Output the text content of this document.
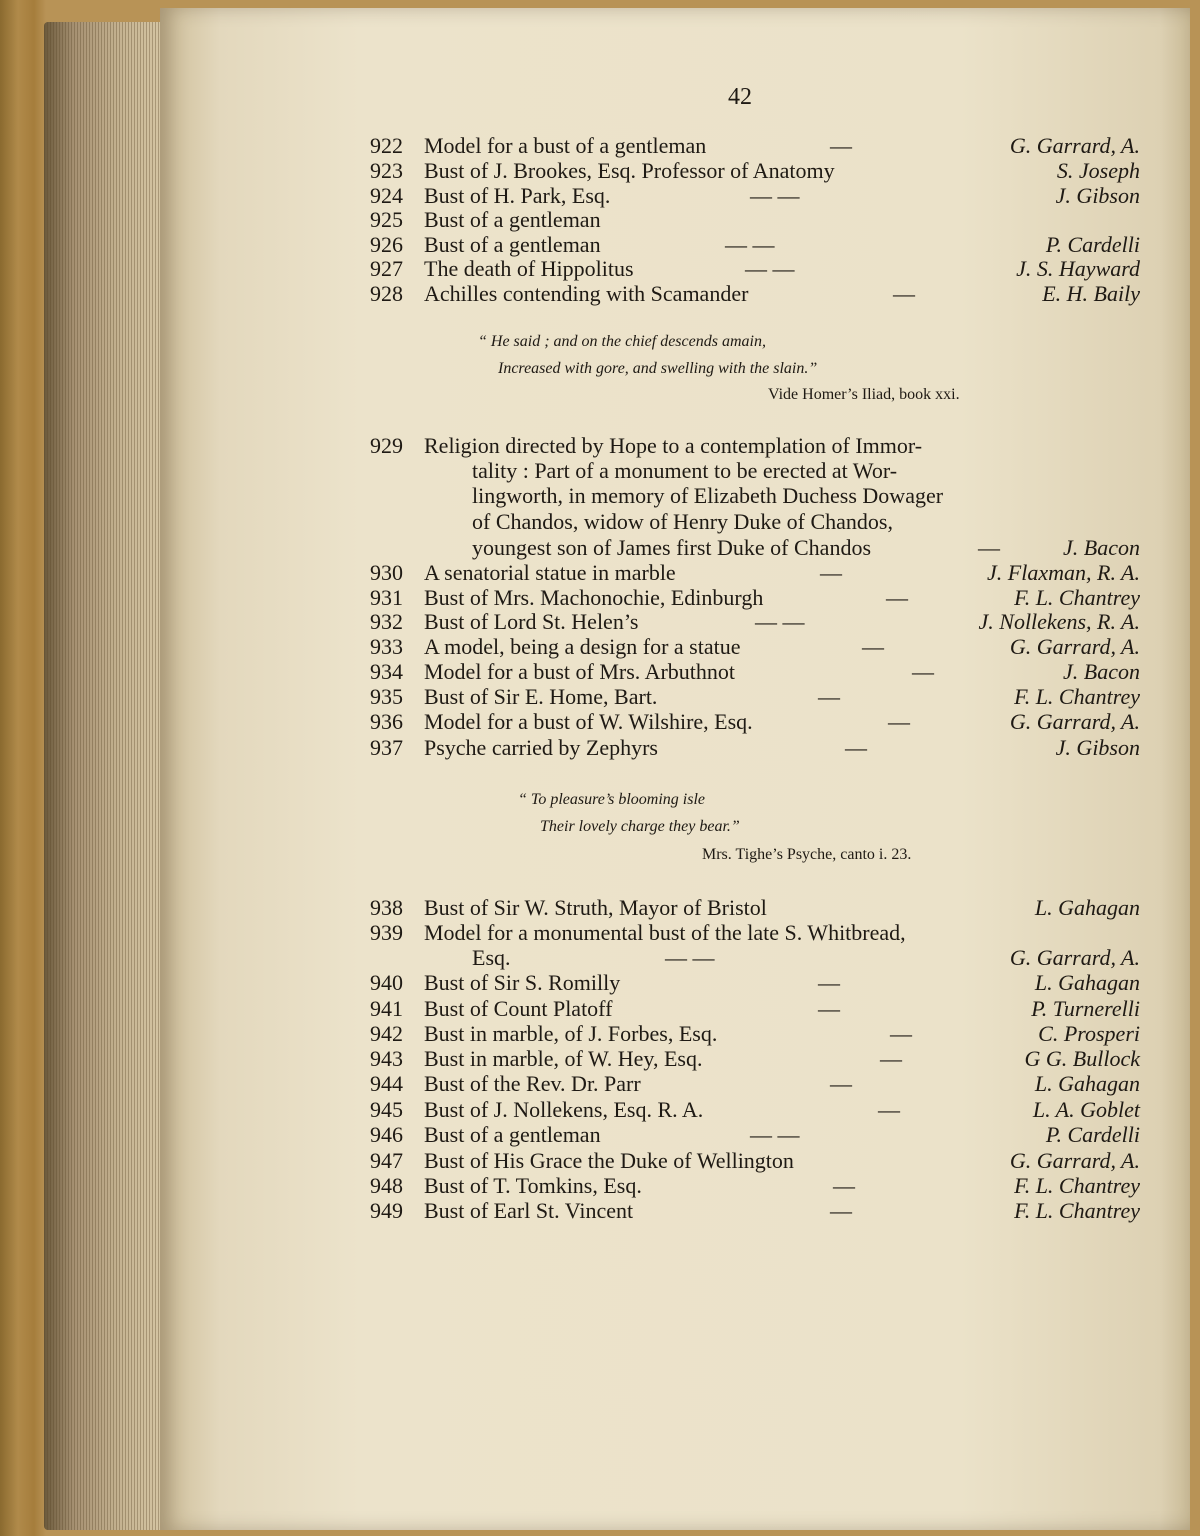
42
922 Model for a bust of a gentleman	—	G. Garrard, A.
923 Bust of J. Brookes, Esq. Professor of Anatomy	S. Joseph
924 Bust of H. Park, Esq.	— —	J. Gibson
925 Bust of a gentleman
926 Bust of a gentleman	— —	P. Cardelli
927 The death of Hippolitus	— —	J. S. Hayward
928 Achilles contending with Scamander	—	E. H. Baily
“ He said ; and on the chief descends amain,
Increased with gore, and swelling with the slain.”
Vide Homer’s Iliad, book xxi.
929 Religion directed by Hope to a contemplation of Immor-
tality : Part of a monument to be erected at Wor-
lingworth, in memory of Elizabeth Duchess Dowager
of Chandos, widow of Henry Duke of Chandos,
youngest son of James first Duke of Chandos	—	J. Bacon
930 A senatorial statue in marble	—	J. Flaxman, R. A.
931 Bust of Mrs. Machonochie, Edinburgh	—	F. L. Chantrey
932 Bust of Lord St. Helen’s	— —	J. Nollekens, R. A.
933 A model, being a design for a statue	—	G. Garrard, A.
934 Model for a bust of Mrs. Arbuthnot	—	J. Bacon
935 Bust of Sir E. Home, Bart.	—	F. L. Chantrey
936 Model for a bust of W. Wilshire, Esq.	—	G. Garrard, A.
937 Psyche carried by Zephyrs	—	J. Gibson
“ To pleasure’s blooming isle
Their lovely charge they bear.”
Mrs. Tighe’s Psyche, canto i. 23.
938 Bust of Sir W. Struth, Mayor of Bristol	L. Gahagan
939 Model for a monumental bust of the late S. Whitbread,
Esq.	— —	G. Garrard, A.
940 Bust of Sir S. Romilly	—	L. Gahagan
941 Bust of Count Platoff	—	P. Turnerelli
942 Bust in marble, of J. Forbes, Esq.	—	C. Prosperi
943 Bust in marble, of W. Hey, Esq.	—	G G. Bullock
944 Bust of the Rev. Dr. Parr	—	L. Gahagan
945 Bust of J. Nollekens, Esq. R. A.	—	L. A. Goblet
946 Bust of a gentleman	— —	P. Cardelli
947 Bust of His Grace the Duke of Wellington	G. Garrard, A.
948 Bust of T. Tomkins, Esq.	—	F. L. Chantrey
949 Bust of Earl St. Vincent	—	F. L. Chantrey
